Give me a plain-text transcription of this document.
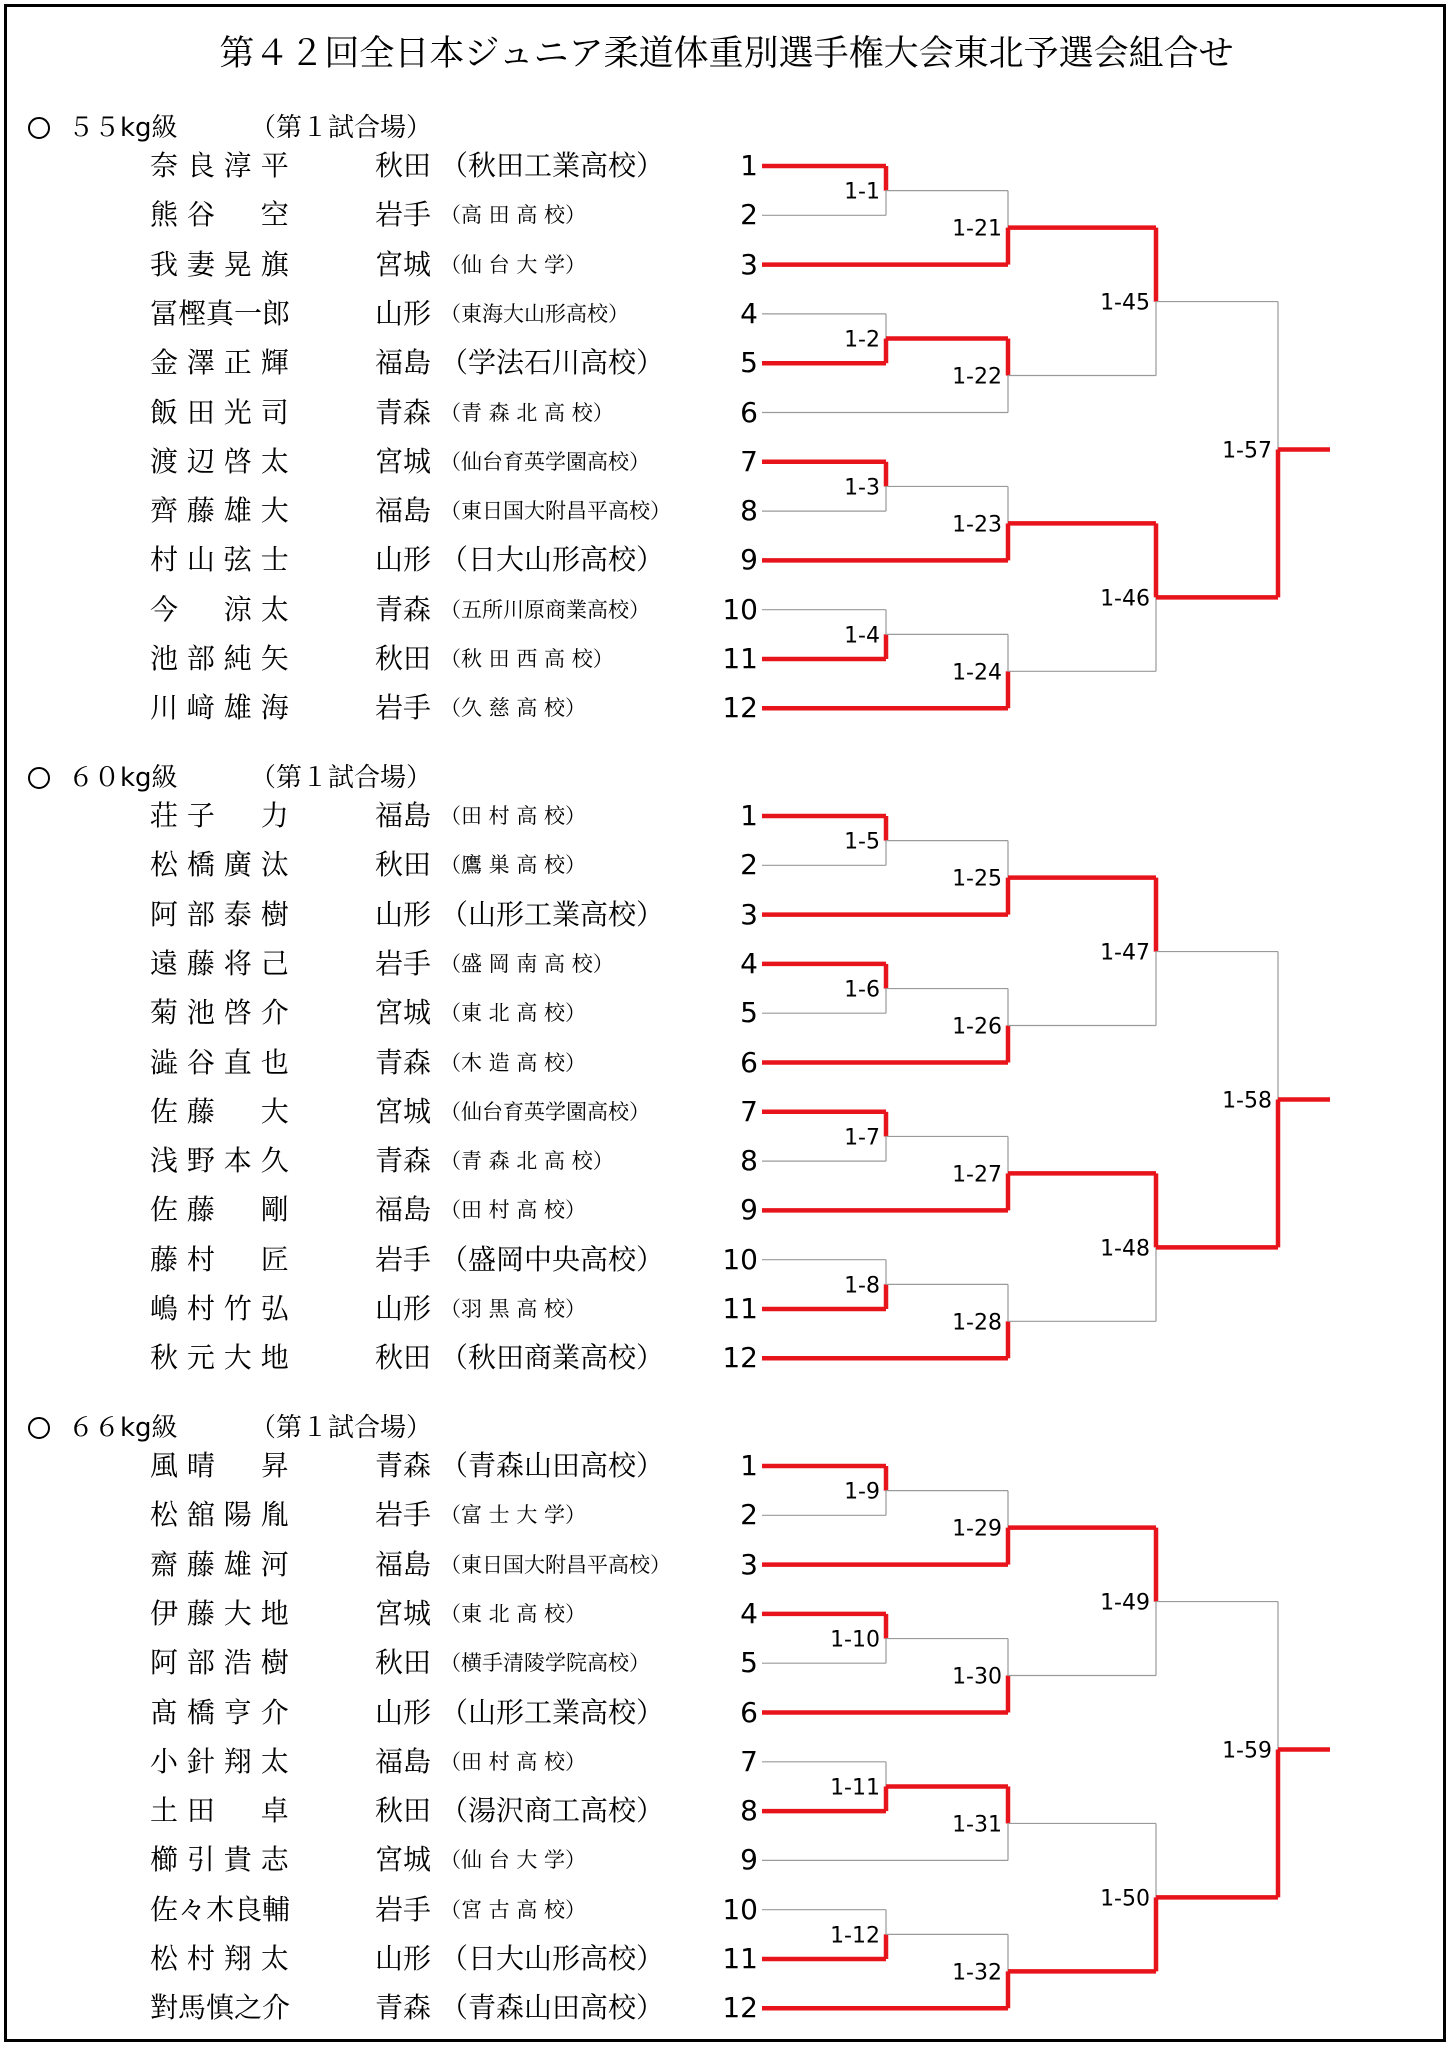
第４２回全日本ジュニア柔道体重別選手権大会東北予選会組合せ
５５kg級	（第１試合場）
奈 良 淳 平	秋田 （秋田工業高校）	1
熊 谷 　 空	岩手 （高 田 高 校）	2
我 妻 晃 旗	宮城 （仙 台 大 学）	3
冨樫真一郎	山形 （東海大山形高校）	4
金 澤 正 輝	福島 （学法石川高校）	5
飯 田 光 司	青森 （青 森 北 高 校）	6
渡 辺 啓 太	宮城 （仙台育英学園高校）	7
齊 藤 雄 大	福島 （東日国大附昌平高校）	8
村 山 弦 士	山形 （日大山形高校）	9
今 　 涼 太	青森 （五所川原商業高校）	10
池 部 純 矢	秋田 （秋 田 西 高 校）	11
川 﨑 雄 海	岩手 （久 慈 高 校）	12
1-1
1-21
1-2
1-22
1-3
1-23
1-4
1-24
1-45
1-46
1-57
６０kg級	（第１試合場）
荘 子 　 力	福島 （田 村 高 校）	1
松 橋 廣 汰	秋田 （鷹 巣 高 校）	2
阿 部 泰 樹	山形 （山形工業高校）	3
遠 藤 将 己	岩手 （盛 岡 南 高 校）	4
菊 池 啓 介	宮城 （東 北 高 校）	5
澁 谷 直 也	青森 （木 造 高 校）	6
佐 藤 　 大	宮城 （仙台育英学園高校）	7
浅 野 本 久	青森 （青 森 北 高 校）	8
佐 藤 　 剛	福島 （田 村 高 校）	9
藤 村 　 匠	岩手 （盛岡中央高校）	10
嶋 村 竹 弘	山形 （羽 黒 高 校）	11
秋 元 大 地	秋田 （秋田商業高校）	12
1-5
1-25
1-6
1-26
1-7
1-27
1-8
1-28
1-47
1-48
1-58
６６kg級	（第１試合場）
風 晴 　 昇	青森 （青森山田高校）	1
松 舘 陽 胤	岩手 （富 士 大 学）	2
齋 藤 雄 河	福島 （東日国大附昌平高校）	3
伊 藤 大 地	宮城 （東 北 高 校）	4
阿 部 浩 樹	秋田 （横手清陵学院高校）	5
髙 橋 亨 介	山形 （山形工業高校）	6
小 針 翔 太	福島 （田 村 高 校）	7
土 田 　 卓	秋田 （湯沢商工高校）	8
櫛 引 貴 志	宮城 （仙 台 大 学）	9
佐々木良輔	岩手 （宮 古 高 校）	10
松 村 翔 太	山形 （日大山形高校）	11
對馬慎之介	青森 （青森山田高校）	12
1-9
1-29
1-10
1-30
1-11
1-31
1-12
1-32
1-49
1-50
1-59
